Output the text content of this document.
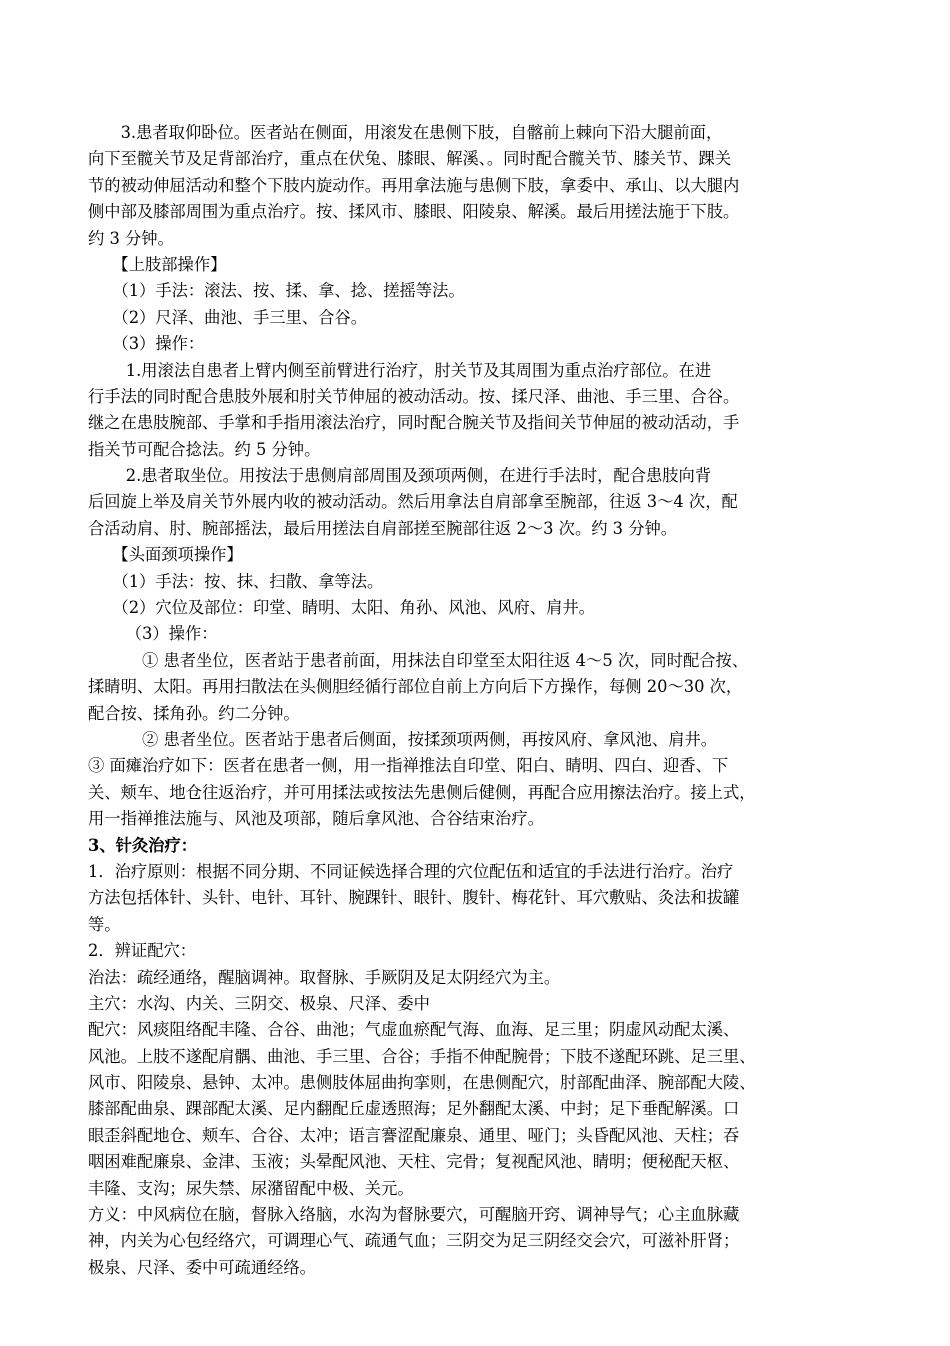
　　3.患者取仰卧位。医者站在侧面，用滚发在患侧下肢，自髂前上棘向下沿大腿前面，

向下至髋关节及足背部治疗，重点在伏兔、膝眼、解溪、。同时配合髋关节、膝关节、踝关

节的被动伸屈活动和整个下肢内旋动作。再用拿法施与患侧下肢，拿委中、承山、以大腿内

侧中部及膝部周围为重点治疗。按、揉风市、膝眼、阳陵泉、解溪。最后用搓法施于下肢。

约 3 分钟。

　　【上肢部操作】

　　（1）手法：滚法、按、揉、拿、捻、搓摇等法。

　　（2）尺泽、曲池、手三里、合谷。

　　（3）操作：

　　 1.用滚法自患者上臂内侧至前臂进行治疗，肘关节及其周围为重点治疗部位。在进

行手法的同时配合患肢外展和肘关节伸屈的被动活动。按、揉尺泽、曲池、手三里、合谷。

继之在患肢腕部、手掌和手指用滚法治疗，同时配合腕关节及指间关节伸屈的被动活动，手

指关节可配合捻法。约 5 分钟。

　　 2.患者取坐位。用按法于患侧肩部周围及颈项两侧，在进行手法时，配合患肢向背

后回旋上举及肩关节外展内收的被动活动。然后用拿法自肩部拿至腕部，往返 3～4 次，配

合活动肩、肘、腕部摇法，最后用搓法自肩部搓至腕部往返 2～3 次。约 3 分钟。

　　【头面颈项操作】

　　（1）手法：按、抹、扫散、拿等法。

　　（2）穴位及部位：印堂、睛明、太阳、角孙、风池、风府、肩井。

　　 （3）操作：

　　　 ① 患者坐位，医者站于患者前面，用抹法自印堂至太阳往返 4～5 次，同时配合按、

揉睛明、太阳。再用扫散法在头侧胆经循行部位自前上方向后下方操作，每侧 20～30 次，

配合按、揉角孙。约二分钟。

　　　 ② 患者坐位。医者站于患者后侧面，按揉颈项两侧，再按风府、拿风池、肩井。

③ 面瘫治疗如下：医者在患者一侧，用一指禅推法自印堂、阳白、睛明、四白、迎香、下

关、颊车、地仓往返治疗，并可用揉法或按法先患侧后健侧，再配合应用擦法治疗。接上式，

用一指禅推法施与、风池及项部，随后拿风池、合谷结束治疗。

3、针灸治疗：

1．治疗原则：根据不同分期、不同证候选择合理的穴位配伍和适宜的手法进行治疗。治疗

方法包括体针、头针、电针、耳针、腕踝针、眼针、腹针、梅花针、耳穴敷贴、灸法和拔罐

等。

2．辨证配穴：

治法：疏经通络，醒脑调神。取督脉、手厥阴及足太阴经穴为主。

主穴：水沟、内关、三阴交、极泉、尺泽、委中

配穴：风痰阻络配丰隆、合谷、曲池；气虚血瘀配气海、血海、足三里；阴虚风动配太溪、

风池。上肢不遂配肩髃、曲池、手三里、合谷；手指不伸配腕骨；下肢不遂配环跳、足三里、

风市、阳陵泉、悬钟、太冲。患侧肢体屈曲拘挛则，在患侧配穴，肘部配曲泽、腕部配大陵、

膝部配曲泉、踝部配太溪、足内翻配丘虚透照海；足外翻配太溪、中封；足下垂配解溪。口

眼歪斜配地仓、颊车、合谷、太冲；语言謇涩配廉泉、通里、哑门；头昏配风池、天柱；吞

咽困难配廉泉、金津、玉液；头晕配风池、天柱、完骨；复视配风池、睛明；便秘配天枢、

丰隆、支沟；尿失禁、尿潴留配中极、关元。

方义：中风病位在脑，督脉入络脑，水沟为督脉要穴，可醒脑开窍、调神导气；心主血脉藏

神，内关为心包经络穴，可调理心气、疏通气血；三阴交为足三阴经交会穴，可滋补肝肾；

极泉、尺泽、委中可疏通经络。
